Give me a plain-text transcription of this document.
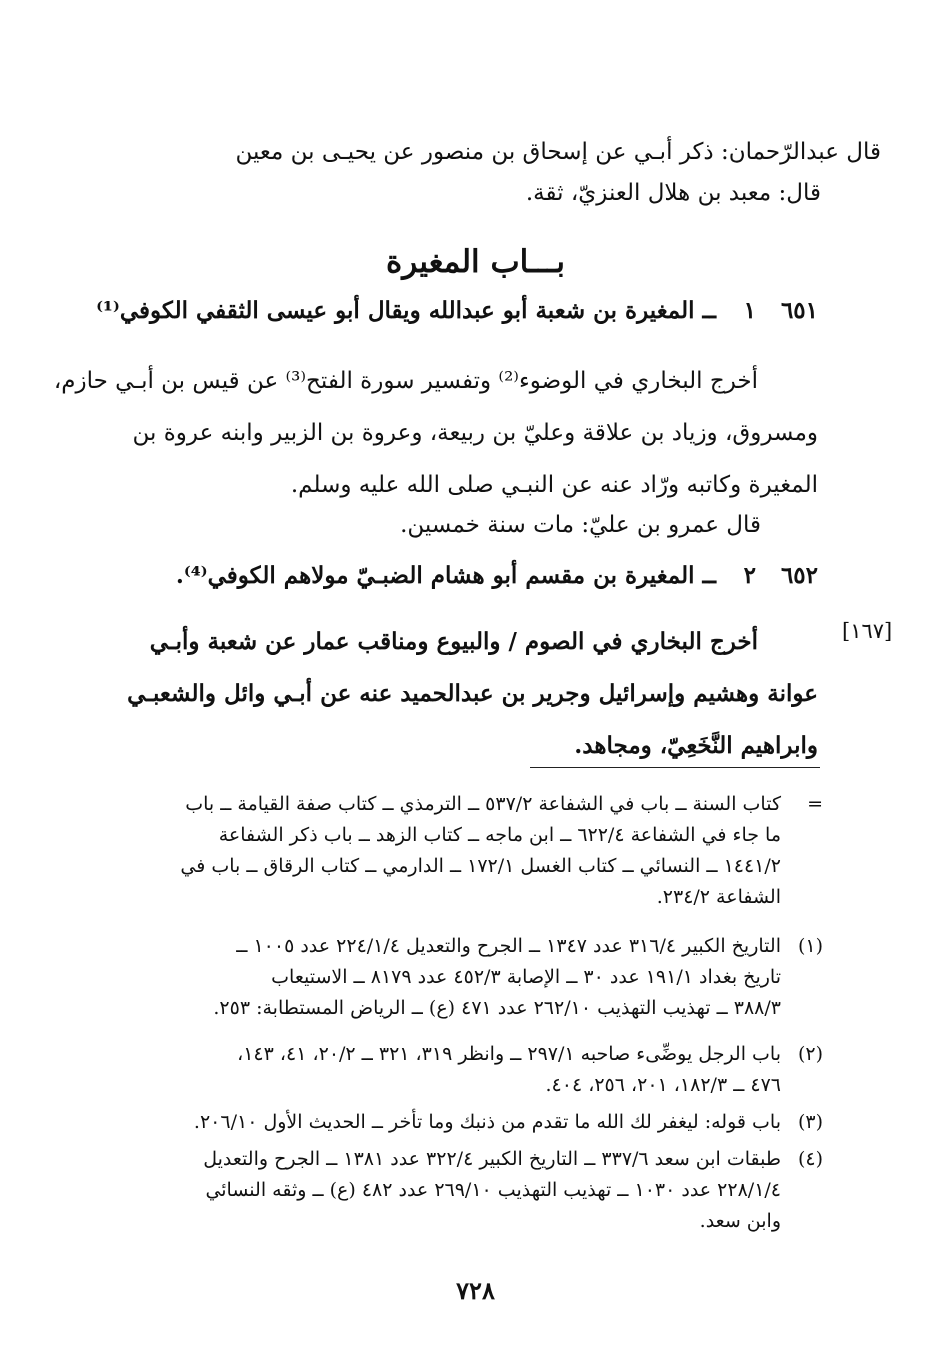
قال عبدالرّحمان: ذكر أبـي عن إسحاق بن منصور عن يحيـى بن معين
قال: معبد بن هلال العنزيّ، ثقة.
بـــاب المغيرة
٦٥١١ــ المغيرة بن شعبة أبو عبدالله ويقال أبو عيسى الثقفي الكوفي⁽¹⁾
أخرج البخاري في الوضوء⁽²⁾ وتفسير سورة الفتح⁽³⁾ عن قيس بن أبـي حازم،
ومسروق، وزياد بن علاقة وعليّ بن ربيعة، وعروة بن الزبير وابنه عروة بن
المغيرة وكاتبه ورّاد عنه عن النبـي صلى الله عليه وسلم.
قال عمرو بن عليّ: مات سنة خمسين.
٦٥٢٢ــ المغيرة بن مقسم أبو هشام الضبـيّ مولاهم الكوفي⁽⁴⁾.
[١٦٧]
أخرج البخاري في الصوم / والبيوع ومناقب عمار عن شعبة وأبـي
عوانة وهشيم وإسرائيل وجرير بن عبدالحميد عنه عن أبـي وائل والشعبـي
وابراهيم النَّخَعِيّ، ومجاهد.
=
كتاب السنة ــ باب في الشفاعة ٥٣٧/٢ ــ الترمذي ــ كتاب صفة القيامة ــ باب
ما جاء في الشفاعة ٦٢٢/٤ ــ ابن ماجه ــ كتاب الزهد ــ باب ذكر الشفاعة
١٤٤١/٢ ــ النسائي ــ كتاب الغسل ١٧٢/١ ــ الدارمي ــ كتاب الرقاق ــ باب في
الشفاعة ٢٣٤/٢.
(١)
التاريخ الكبير ٣١٦/٤ عدد ١٣٤٧ ــ الجرح والتعديل ٢٢٤/١/٤ عدد ١٠٠٥ ــ
تاريخ بغداد ١٩١/١ عدد ٣٠ ــ الإصابة ٤٥٢/٣ عدد ٨١٧٩ ــ الاستيعاب
٣٨٨/٣ ــ تهذيب التهذيب ٢٦٢/١٠ عدد ٤٧١ (ع) ــ الرياض المستطابة: ٢٥٣.
(٢)
باب الرجل يوضِّىء صاحبه ٢٩٧/١ ــ وانظر ٣١٩، ٣٢١ ــ ٢٠/٢، ٤١، ١٤٣،
٤٧٦ ــ ١٨٢/٣، ٢٠١، ٢٥٦، ٤٠٤.
(٣)
باب قوله: ليغفر لك الله ما تقدم من ذنبك وما تأخر ــ الحديث الأول ٢٠٦/١٠.
(٤)
طبقات ابن سعد ٣٣٧/٦ ــ التاريخ الكبير ٣٢٢/٤ عدد ١٣٨١ ــ الجرح والتعديل
٢٢٨/١/٤ عدد ١٠٣٠ ــ تهذيب التهذيب ٢٦٩/١٠ عدد ٤٨٢ (ع) ــ وثقه النسائي
وابن سعد.
٧٢٨
